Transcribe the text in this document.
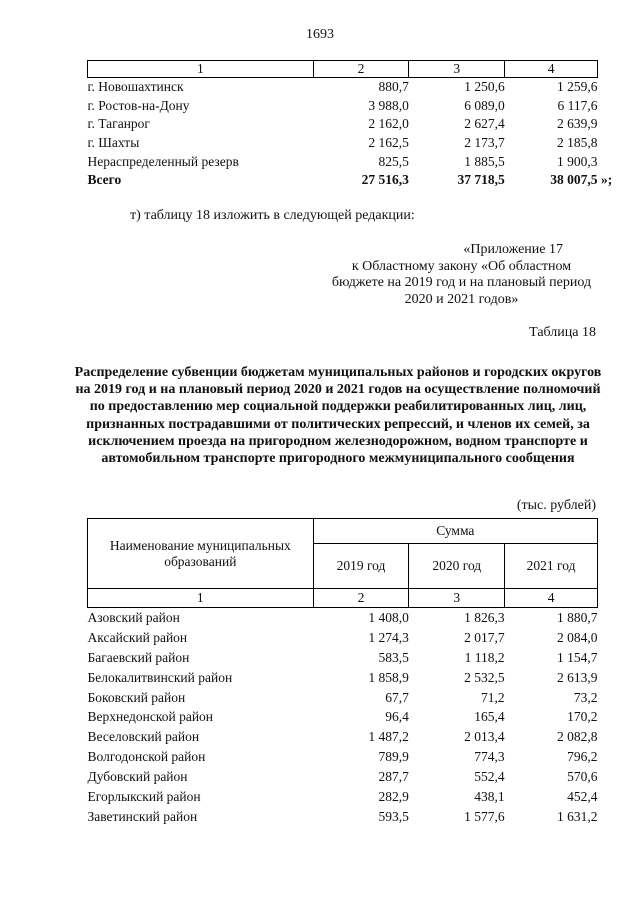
1693
1	2	3	4
г. Новошахтинск	880,7	1 250,6	1 259,6
г. Ростов-на-Дону	3 988,0	6 089,0	6 117,6
г. Таганрог	2 162,0	2 627,4	2 639,9
г. Шахты	2 162,5	2 173,7	2 185,8
Нераспределенный резерв	825,5	1 885,5	1 900,3
Всего	27 516,3	37 718,5	38 007,5 »;
т) таблицу 18 изложить в следующей редакции:
«Приложение 17
к Областному закону «Об областном бюджете на 2019 год и на плановый период 2020 и 2021 годов»
Таблица 18
Распределение субвенции бюджетам муниципальных районов и городских округов на 2019 год и на плановый период 2020 и 2021 годов на осуществление полномочий по предоставлению мер социальной поддержки реабилитированных лиц, лиц, признанных пострадавшими от политических репрессий, и членов их семей, за исключением проезда на пригородном железнодорожном, водном транспорте и автомобильном транспорте пригородного межмуниципального сообщения
(тыс. рублей)
Наименование муниципальных образований	Сумма		
	2019 год	2020 год	2021 год
1	2	3	4
Азовский район	1 408,0	1 826,3	1 880,7
Аксайский район	1 274,3	2 017,7	2 084,0
Багаевский район	583,5	1 118,2	1 154,7
Белокалитвинский район	1 858,9	2 532,5	2 613,9
Боковский район	67,7	71,2	73,2
Верхнедонской район	96,4	165,4	170,2
Веселовский район	1 487,2	2 013,4	2 082,8
Волгодонской район	789,9	774,3	796,2
Дубовский район	287,7	552,4	570,6
Егорлыкский район	282,9	438,1	452,4
Заветинский район	593,5	1 577,6	1 631,2
